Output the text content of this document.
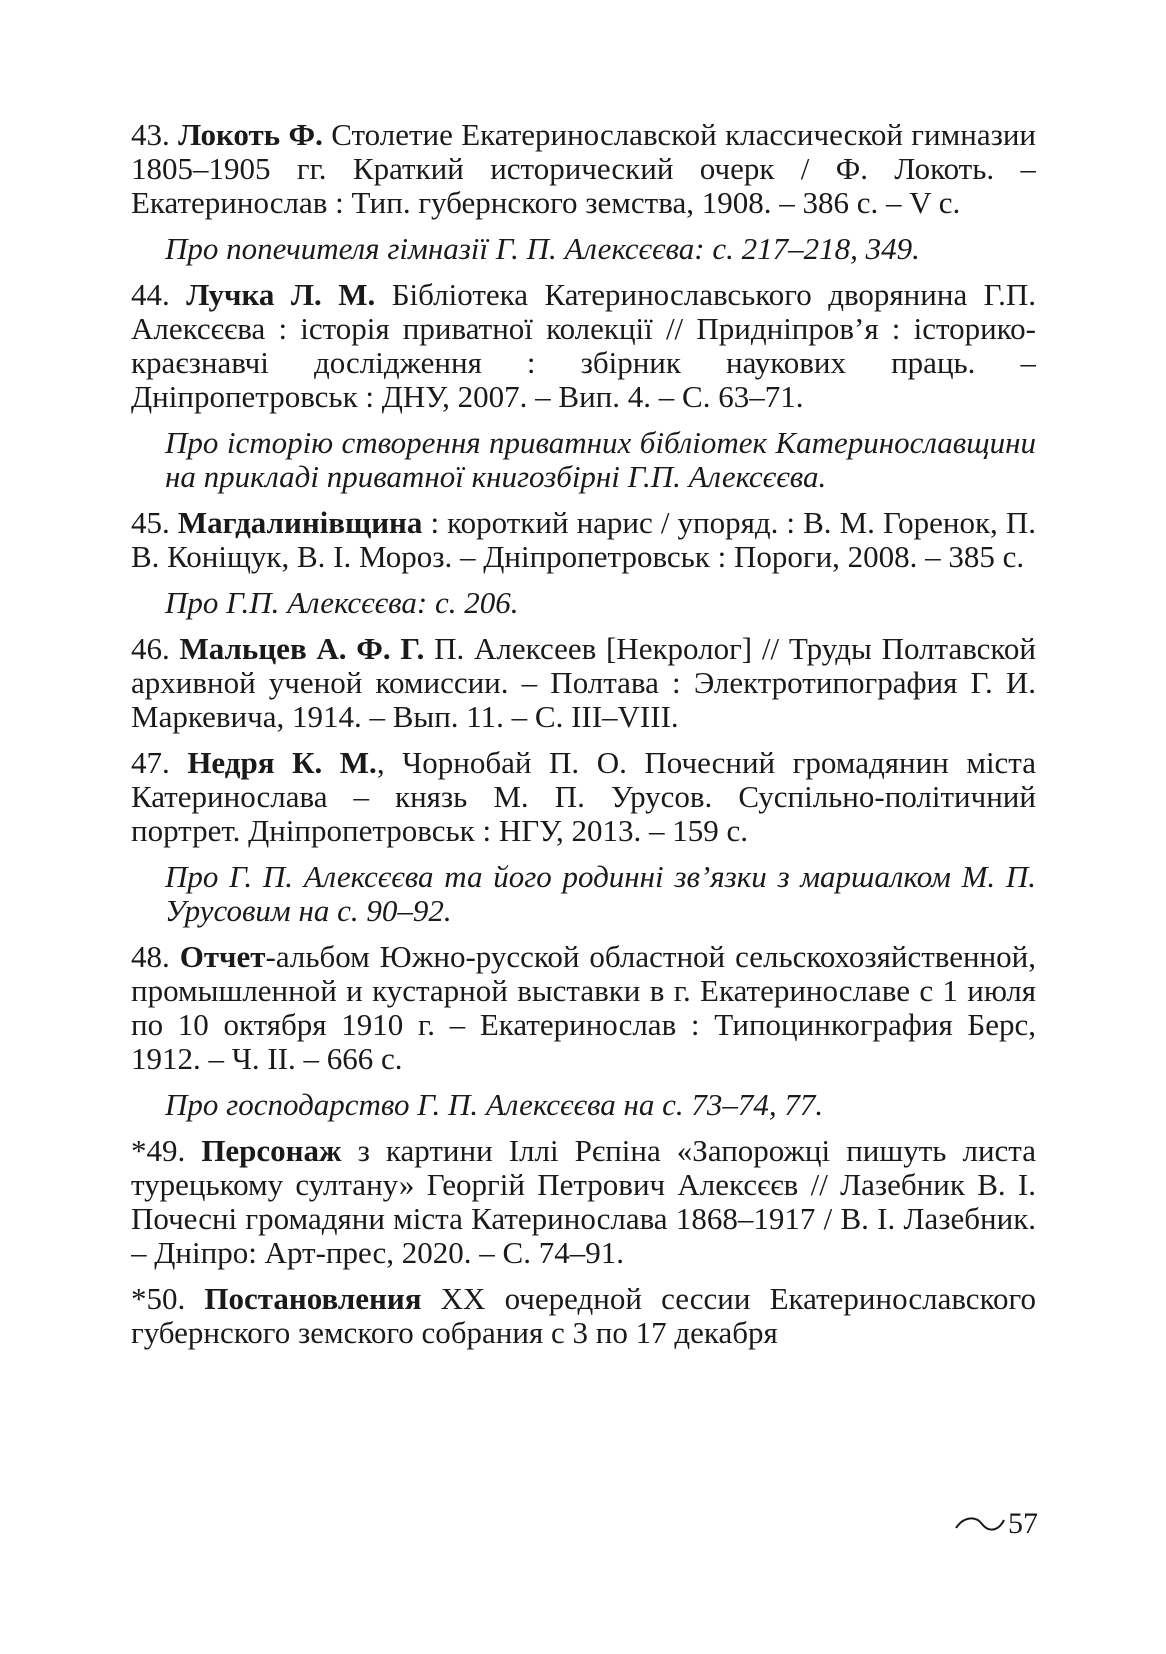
43. Локоть Ф. Столетие Екатеринославской классической гимназии 1805–1905 гг. Краткий исторический очерк / Ф. Локоть. – Екатеринослав : Тип. губернского земства, 1908. – 386 с. – V с.

Про попечителя гімназії Г. П. Алексєєва: с. 217–218, 349.

44. Лучка Л. М. Бібліотека Катеринославського дворянина Г.П. Алексєєва : історія приватної колекції // Придніпров’я : історико-краєзнавчі дослідження : збірник наукових праць. – Дніпропетровськ : ДНУ, 2007. – Вип. 4. – С. 63–71.

Про історію створення приватних бібліотек Катеринославщини на прикладі приватної книгозбірні Г.П. Алексєєва.

45. Магдалинівщина : короткий нарис / упоряд. : В. М. Горенок, П. В. Коніщук, В. І. Мороз. – Дніпропетровськ : Пороги, 2008. – 385 с.

Про Г.П. Алексєєва: с. 206.

46. Мальцев А. Ф. Г. П. Алексеев [Некролог] // Труды Полтавской архивной ученой комиссии. – Полтава : Электротипография Г. И. Маркевича, 1914. – Вып. 11. – С. III–VIII.

47. Недря К. М., Чорнобай П. О. Почесний громадянин міста Катеринослава – князь М. П. Урусов. Суспільно-політичний портрет. Дніпропетровськ : НГУ, 2013. – 159 с.

Про Г. П. Алексєєва та його родинні зв’язки з маршалком М. П. Урусовим на с. 90–92.

48. Отчет-альбом Южно-русской областной сельскохозяйственной, промышленной и кустарной выставки в г. Екатеринославе с 1 июля по 10 октября 1910 г. – Екатеринослав : Типоцинкография Берс, 1912. – Ч. II. – 666 с.

Про господарство Г. П. Алексєєва на с. 73–74, 77.

*49. Персонаж з картини Іллі Рєпіна «Запорожці пишуть листа турецькому султану» Георгій Петрович Алексєєв // Лазебник В. І. Почесні громадяни міста Катеринослава 1868–1917 / В. І. Лазебник. – Дніпро: Арт-прес, 2020. – С. 74–91.

*50. Постановления XX очередной сессии Екатеринославского губернского земского собрания с 3 по 17 декабря

57
